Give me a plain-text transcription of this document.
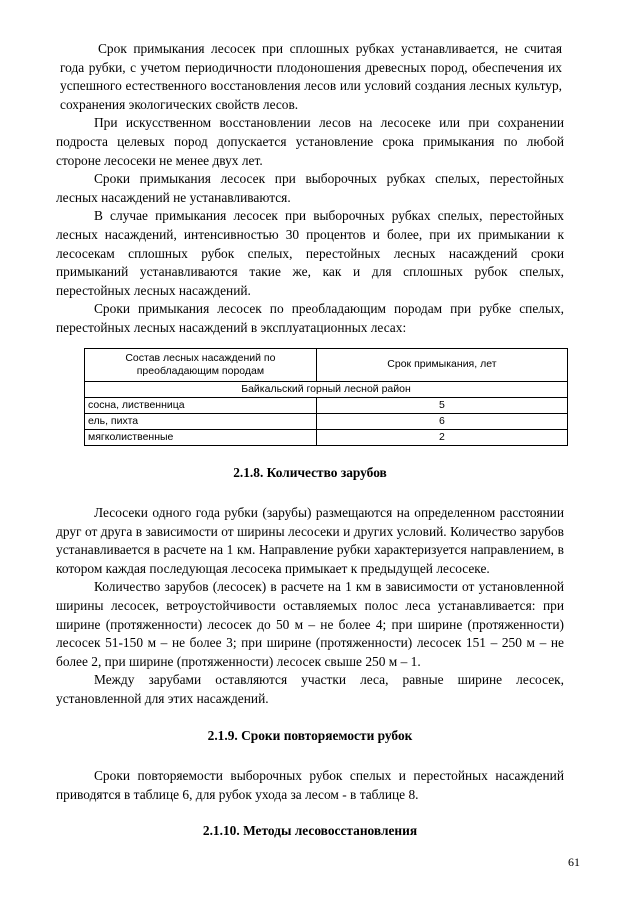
Срок примыкания лесосек при сплошных рубках устанавливается, не считая года рубки, с учетом периодичности плодоношения древесных пород, обеспечения их успешного естественного восстановления лесов или условий создания лесных культур, сохранения экологических свойств лесов.

При искусственном восстановлении лесов на лесосеке или при сохранении подроста целевых пород допускается установление срока примыкания по любой стороне лесосеки не менее двух лет.

Сроки примыкания лесосек при выборочных рубках спелых, перестойных лесных насаждений не устанавливаются.

В случае примыкания лесосек при выборочных рубках спелых, перестойных лесных насаждений, интенсивностью 30 процентов и более, при их примыкании к лесосекам сплошных рубок спелых, перестойных лесных насаждений сроки примыканий устанавливаются такие же, как и для сплошных рубок спелых, перестойных лесных насаждений.

Сроки примыкания лесосек по преобладающим породам при рубке спелых, перестойных лесных насаждений в эксплуатационных лесах:

Состав лесных насаждений по преобладающим породам	Срок примыкания, лет
Байкальский горный лесной район	
сосна, лиственница	5
ель, пихта	6
мягколиственные	2
2.1.8. Количество зарубов

Лесосеки одного года рубки (зарубы) размещаются на определенном расстоянии друг от друга в зависимости от ширины лесосеки и других условий. Количество зарубов устанавливается в расчете на 1 км. Направление рубки характеризуется направлением, в котором каждая последующая лесосека примыкает к предыдущей лесосеке.

Количество зарубов (лесосек) в расчете на 1 км в зависимости от установленной ширины лесосек, ветроустойчивости оставляемых полос леса устанавливается: при ширине (протяженности) лесосек до 50 м – не более 4; при ширине (протяженности) лесосек 51-150 м – не более 3; при ширине (протяженности) лесосек 151 – 250 м – не более 2, при ширине (протяженности) лесосек свыше 250 м – 1.

Между зарубами оставляются участки леса, равные ширине лесосек, установленной для этих насаждений.

2.1.9. Сроки повторяемости рубок

Сроки повторяемости выборочных рубок спелых и перестойных насаждений приводятся в таблице 6, для рубок ухода за лесом - в таблице 8.

2.1.10. Методы лесовосстановления
61
